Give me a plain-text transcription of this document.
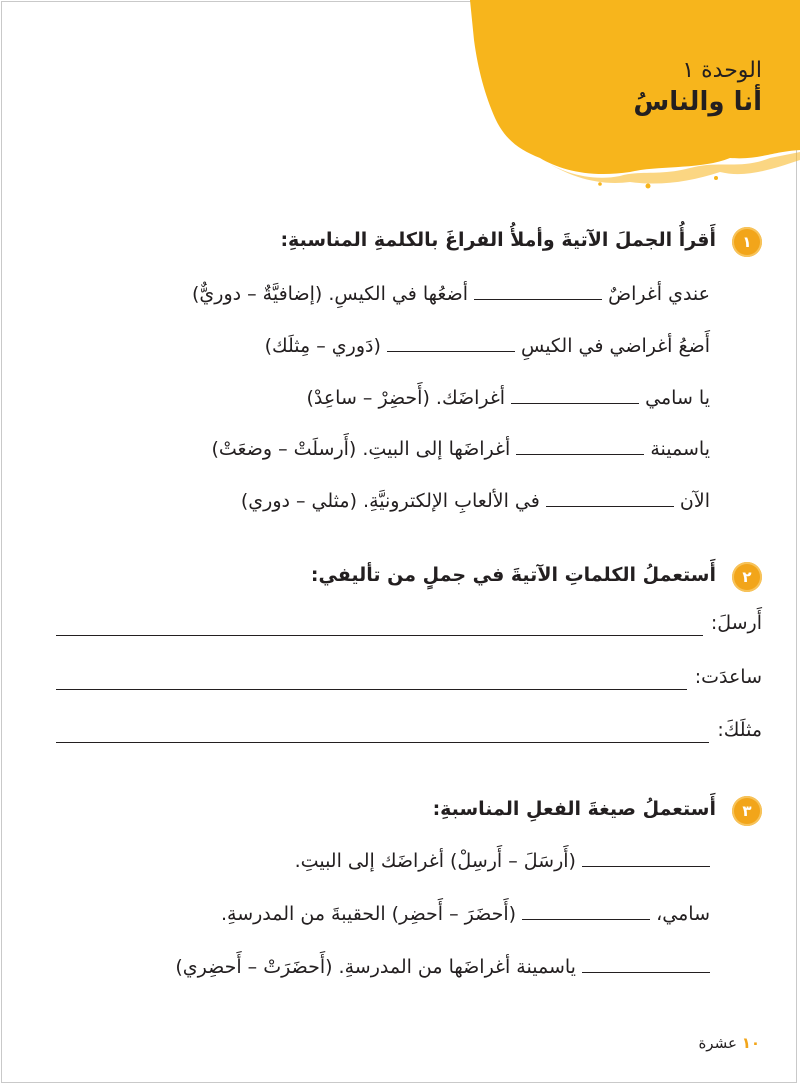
الوحدة ١
أنا والناسُ
١
أَقرأُ الجملَ الآتيةَ وأملأُ الفراغَ بالكلمةِ المناسبةِ:
عندي أغراضٌ  أضعُها في الكيسِ. (إضافيَّةٌ – دوريٌّ)
أَضعُ أغراضي في الكيسِ  (دَوري – مِثلَك)
يا سامي  أغراضَك. (أَحضِرْ – ساعِدْ)
ياسمينة  أغراضَها إلى البيتِ. (أَرسلَتْ – وضعَتْ)
الآن  في الألعابِ الإلكترونيَّةِ. (مثلي – دوري)
٢
أَستعملُ الكلماتِ الآتيةَ في جملٍ من تأليفي:
أَرسلَ:
ساعدَت:
مثلَكَ:
٣
أَستعملُ صيغةَ الفعلِ المناسبةِ:
(أَرسَلَ – أَرسِلْ) أغراضَك إلى البيتِ.
سامي،  (أَحضَرَ – أَحضِر) الحقيبةَ من المدرسةِ.
ياسمينة أغراضَها من المدرسةِ. (أَحضَرَتْ – أَحضِري)
١٠ عشرة
